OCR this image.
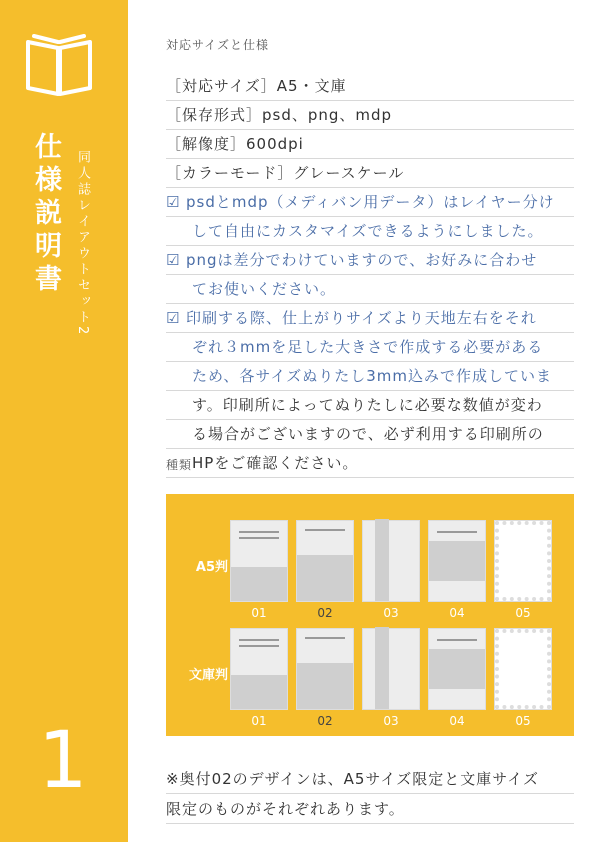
仕様説明書 同人誌レイアウトセット2
1
対応サイズと仕様
［対応サイズ］A5・文庫
［保存形式］psd、png、mdp
［解像度］600dpi
［カラーモード］グレースケール
☑ psdとmdp（メディバン用データ）はレイヤー分け
して自由にカスタマイズできるようにしました。
☑ pngは差分でわけていますので、お好みに合わせ
てお使いください。
☑ 印刷する際、仕上がりサイズより天地左右をそれ
ぞれ３mmを足した大きさで作成する必要がある
ため、各サイズぬりたし3mm込みで作成していま
す。印刷所によってぬりたしに必要な数値が変わ
る場合がございますので、必ず利用する印刷所の
HPをご確認ください。
種類
A5判
文庫判
01	02	03	04	05
01	02	03	04	05
※奥付02のデザインは、A5サイズ限定と文庫サイズ
限定のものがそれぞれあります。
